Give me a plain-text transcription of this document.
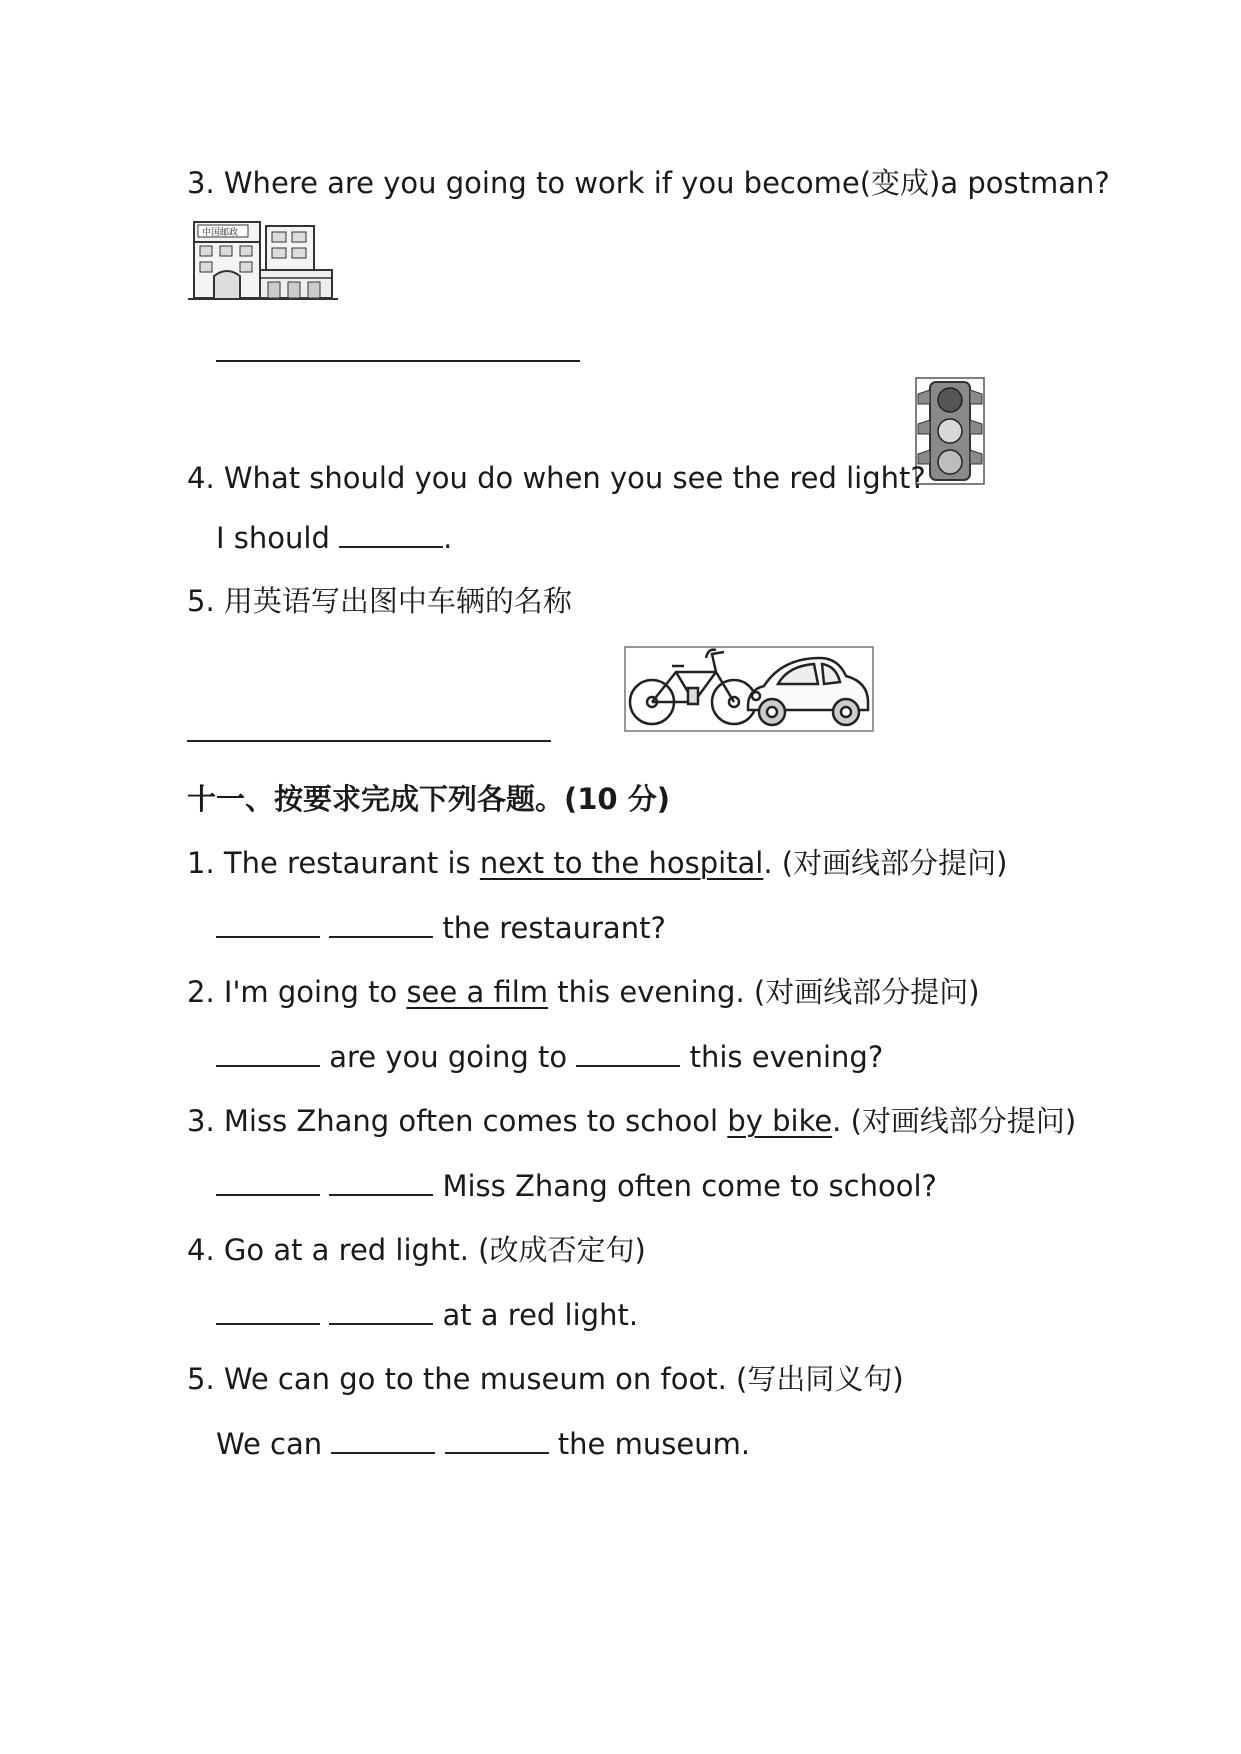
3. Where are you going to work if you become(变成)a postman?
中国邮政
4. What should you do when you see the red light?
I should	.
5. 用英语写出图中车辆的名称
十一、按要求完成下列各题。(10 分)
1. The restaurant is next to the hospital. (对画线部分提问)
the restaurant?
2. I'm going to see a film this evening. (对画线部分提问)
are you going to	this evening?
3. Miss Zhang often comes to school by bike. (对画线部分提问)
Miss Zhang often come to school?
4. Go at a red light. (改成否定句)
at a red light.
5. We can go to the museum on foot. (写出同义句)
We can	the museum.
